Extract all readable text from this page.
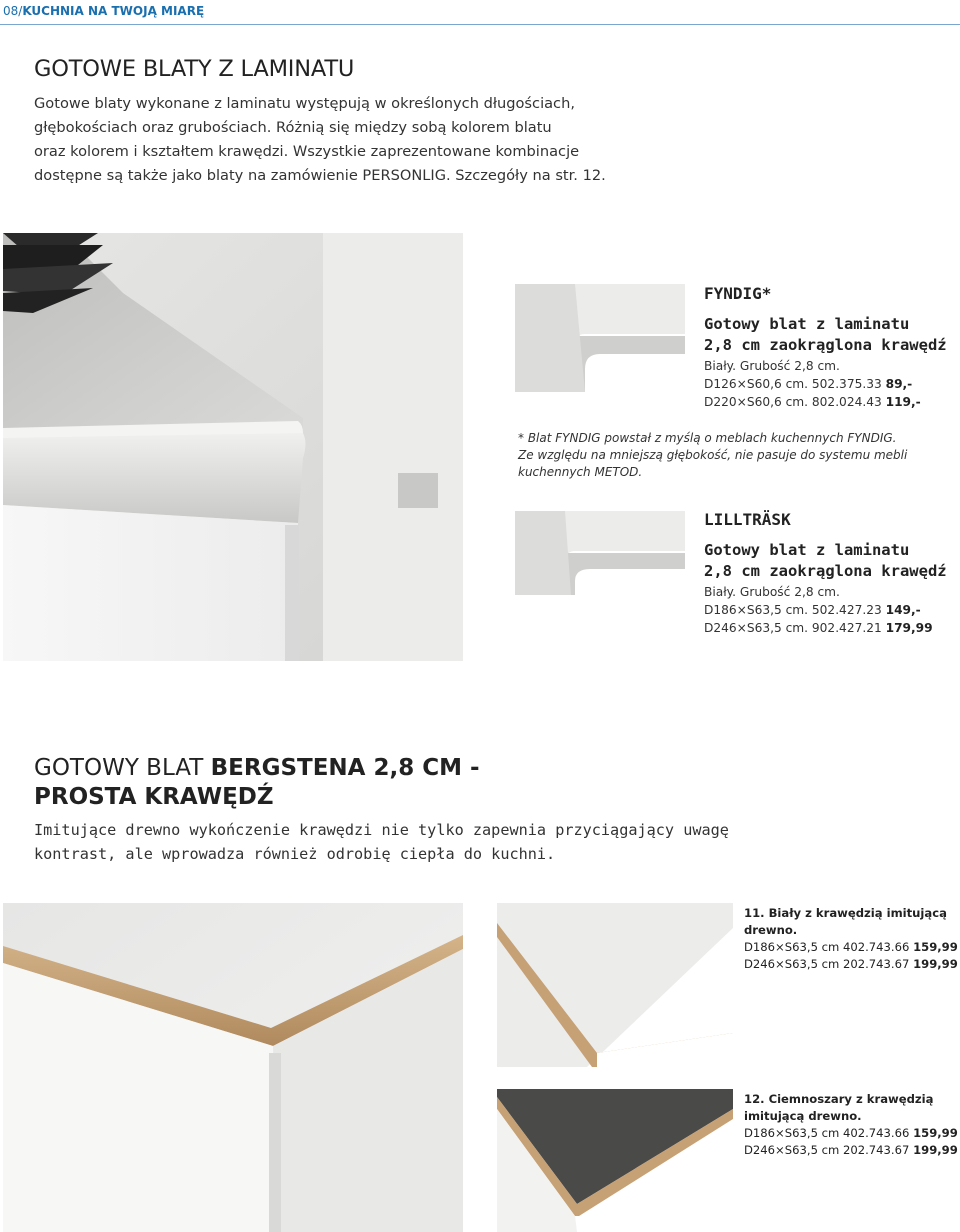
08/KUCHNIA NA TWOJĄ MIARĘ
GOTOWE BLATY Z LAMINATU
Gotowe blaty wykonane z laminatu występują w określonych długościach,
głębokościach oraz grubościach. Różnią się między sobą kolorem blatu
oraz kolorem i kształtem krawędzi. Wszystkie zaprezentowane kombinacje
dostępne są także jako blaty na zamówienie PERSONLIG. Szczegóły na str. 12.
FYNDIG*
Gotowy blat z laminatu
2,8 cm zaokrąglona krawędź
Biały. Grubość 2,8 cm.
D126×S60,6 cm. 502.375.33 89,-
D220×S60,6 cm. 802.024.43 119,-
* Blat FYNDIG powstał z myślą o meblach kuchennych FYNDIG.
Ze względu na mniejszą głębokość, nie pasuje do systemu mebli
kuchennych METOD.
LILLTRÄSK
Gotowy blat z laminatu
2,8 cm zaokrąglona krawędź
Biały. Grubość 2,8 cm.
D186×S63,5 cm. 502.427.23 149,-
D246×S63,5 cm. 902.427.21 179,99
GOTOWY BLAT BERGSTENA 2,8 CM -
PROSTA KRAWĘDŹ
Imitujące drewno wykończenie krawędzi nie tylko zapewnia przyciągający uwagę
kontrast, ale wprowadza również odrobię ciepła do kuchni.
11. Biały z krawędzią imitującą
drewno.
D186×S63,5 cm 402.743.66 159,99
D246×S63,5 cm 202.743.67 199,99
12. Ciemnoszary z krawędzią
imitującą drewno.
D186×S63,5 cm 402.743.66 159,99
D246×S63,5 cm 202.743.67 199,99
